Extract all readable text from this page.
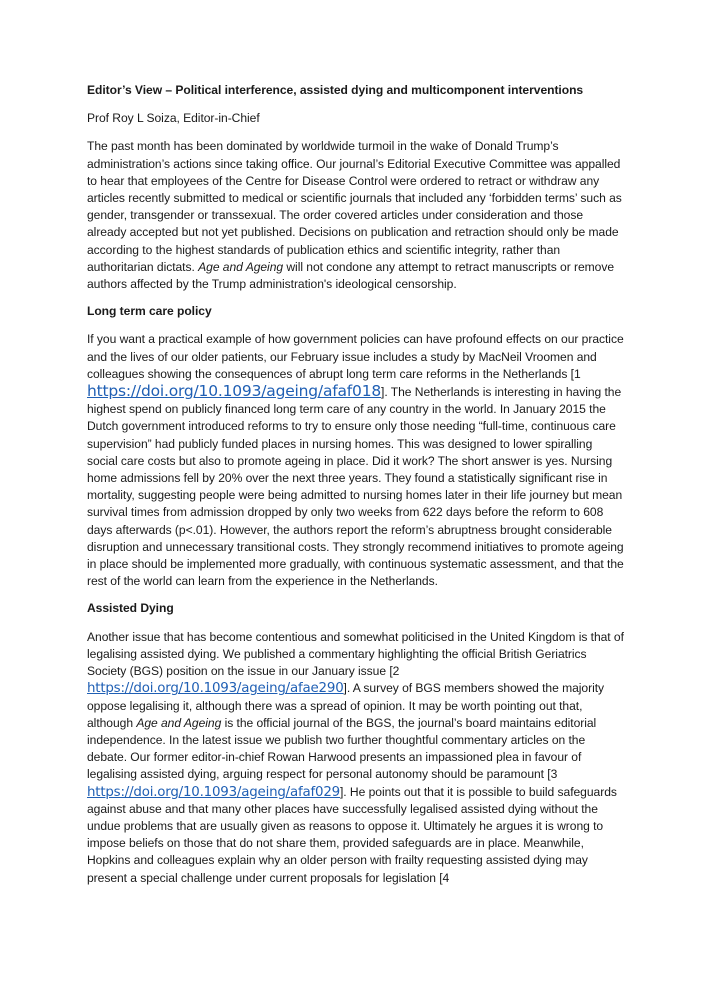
Editor’s View – Political interference, assisted dying and multicomponent interventions

Prof Roy L Soiza, Editor-in-Chief

The past month has been dominated by worldwide turmoil in the wake of Donald Trump’s administration’s actions since taking office. Our journal’s Editorial Executive Committee was appalled to hear that employees of the Centre for Disease Control were ordered to retract or withdraw any articles recently submitted to medical or scientific journals that included any ‘forbidden terms’ such as gender, transgender or transsexual. The order covered articles under consideration and those already accepted but not yet published. Decisions on publication and retraction should only be made according to the highest standards of publication ethics and scientific integrity, rather than authoritarian dictats. Age and Ageing will not condone any attempt to retract manuscripts or remove authors affected by the Trump administration's ideological censorship.

Long term care policy

If you want a practical example of how government policies can have profound effects on our practice and the lives of our older patients, our February issue includes a study by MacNeil Vroomen and colleagues showing the consequences of abrupt long term care reforms in the Netherlands [1 https://doi.org/10.1093/ageing/afaf018]. The Netherlands is interesting in having the highest spend on publicly financed long term care of any country in the world. In January 2015 the Dutch government introduced reforms to try to ensure only those needing “full-time, continuous care supervision” had publicly funded places in nursing homes. This was designed to lower spiralling social care costs but also to promote ageing in place. Did it work? The short answer is yes. Nursing home admissions fell by 20% over the next three years. They found a statistically significant rise in mortality, suggesting people were being admitted to nursing homes later in their life journey but mean survival times from admission dropped by only two weeks from 622 days before the reform to 608 days afterwards (p<.01). However, the authors report the reform’s abruptness brought considerable disruption and unnecessary transitional costs. They strongly recommend initiatives to promote ageing in place should be implemented more gradually, with continuous systematic assessment, and that the rest of the world can learn from the experience in the Netherlands.

Assisted Dying

Another issue that has become contentious and somewhat politicised in the United Kingdom is that of legalising assisted dying. We published a commentary highlighting the official British Geriatrics Society (BGS) position on the issue in our January issue [2 https://doi.org/10.1093/ageing/afae290]. A survey of BGS members showed the majority oppose legalising it, although there was a spread of opinion. It may be worth pointing out that, although Age and Ageing is the official journal of the BGS, the journal’s board maintains editorial independence. In the latest issue we publish two further thoughtful commentary articles on the debate. Our former editor-in-chief Rowan Harwood presents an impassioned plea in favour of legalising assisted dying, arguing respect for personal autonomy should be paramount [3 https://doi.org/10.1093/ageing/afaf029]. He points out that it is possible to build safeguards against abuse and that many other places have successfully legalised assisted dying without the undue problems that are usually given as reasons to oppose it. Ultimately he argues it is wrong to impose beliefs on those that do not share them, provided safeguards are in place. Meanwhile, Hopkins and colleagues explain why an older person with frailty requesting assisted dying may present a special challenge under current proposals for legislation [4
